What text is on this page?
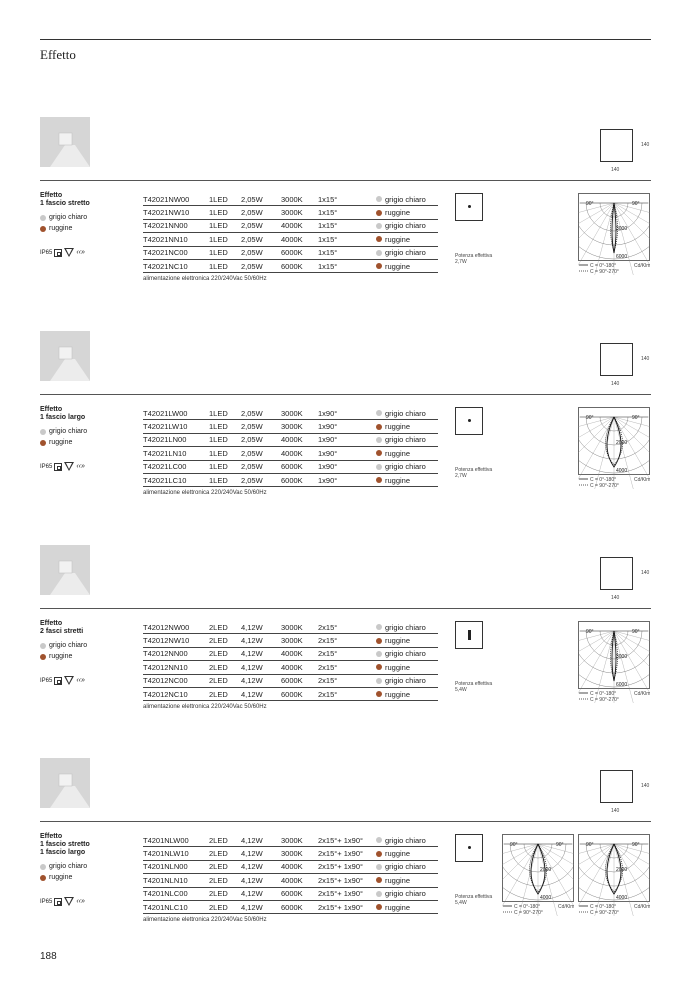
Effetto
140
140
Effetto
1 fascio stretto
grigio chiaro
ruggine
IP65	‹‹»
T42021NW00	1LED	2,05W	3000K	1x15°	grigio chiaro

T42021NW10	1LED	2,05W	3000K	1x15°	ruggine

T42021NN00	1LED	2,05W	4000K	1x15°	grigio chiaro

T42021NN10	1LED	2,05W	4000K	1x15°	ruggine

T42021NC00	1LED	2,05W	6000K	1x15°	grigio chiaro

T42021NC10	1LED	2,05W	6000K	1x15°	ruggine
alimentazione elettronica 220/240Vac 50/60Hz
Potenza effettiva
2,7W
3000
6000
90°	90°
C = 0°-180°
C = 90°-270°
Cd/Klm
140
140
Effetto
1 fascio largo
grigio chiaro
ruggine
IP65	‹‹»
T42021LW00	1LED	2,05W	3000K	1x90°	grigio chiaro

T42021LW10	1LED	2,05W	3000K	1x90°	ruggine

T42021LN00	1LED	2,05W	4000K	1x90°	grigio chiaro

T42021LN10	1LED	2,05W	4000K	1x90°	ruggine

T42021LC00	1LED	2,05W	6000K	1x90°	grigio chiaro

T42021LC10	1LED	2,05W	6000K	1x90°	ruggine
alimentazione elettronica 220/240Vac 50/60Hz
Potenza effettiva
2,7W
2000
4000
90°	90°
C = 0°-180°
C = 90°-270°
Cd/Klm
140
140
Effetto
2 fasci stretti
grigio chiaro
ruggine
IP65	‹‹»
T42012NW00	2LED	4,12W	3000K	2x15°	grigio chiaro

T42012NW10	2LED	4,12W	3000K	2x15°	ruggine

T42012NN00	2LED	4,12W	4000K	2x15°	grigio chiaro

T42012NN10	2LED	4,12W	4000K	2x15°	ruggine

T42012NC00	2LED	4,12W	6000K	2x15°	grigio chiaro

T42012NC10	2LED	4,12W	6000K	2x15°	ruggine
alimentazione elettronica 220/240Vac 50/60Hz
Potenza effettiva
5,4W
3000
6000
90°	90°
C = 0°-180°
C = 90°-270°
Cd/Klm
140
140
Effetto
1 fascio stretto
1 fascio largo
grigio chiaro
ruggine
IP65	‹‹»
T4201NLW00	2LED	4,12W	3000K	2x15°+ 1x90°	grigio chiaro

T4201NLW10	2LED	4,12W	3000K	2x15°+ 1x90°	ruggine

T4201NLN00	2LED	4,12W	4000K	2x15°+ 1x90°	grigio chiaro

T4201NLN10	2LED	4,12W	4000K	2x15°+ 1x90°	ruggine

T4201NLC00	2LED	4,12W	6000K	2x15°+ 1x90°	grigio chiaro

T4201NLC10	2LED	4,12W	6000K	2x15°+ 1x90°	ruggine
alimentazione elettronica 220/240Vac 50/60Hz
Potenza effettiva
5,4W
2000
4000
90°	90°
C = 0°-180°
C = 90°-270°
Cd/Klm
2000
4000
90°	90°
C = 0°-180°
C = 90°-270°
Cd/Klm
188
